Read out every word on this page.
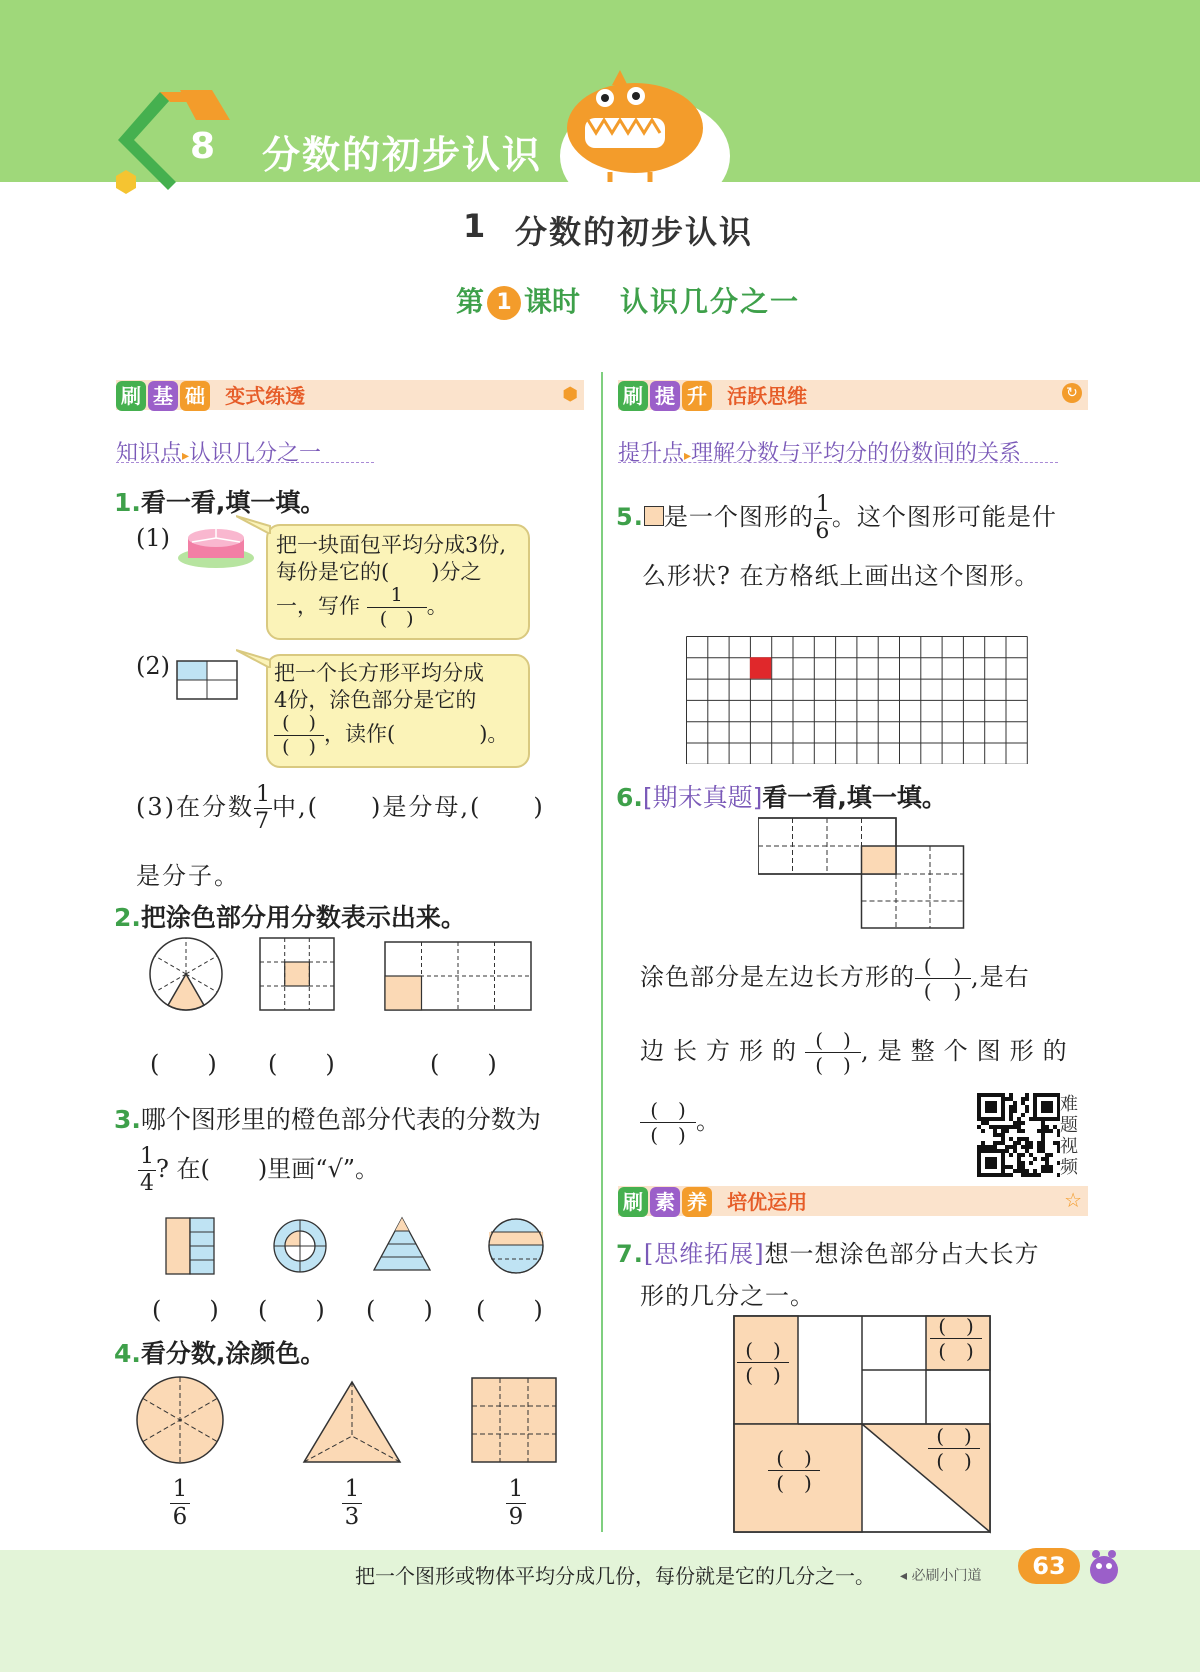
8 分数的初步认识
1 分数的初步认识
第 1 课时 认识几分之一
刷 基 础 变式练透	⬢
知识点▸认识几分之一
1.看一看,填一填。
(1)	把一块面包平均分成3份,
每份是它的(　　)分之
一，写作 $\frac{1}{( )}$ 。
(2)	把一个长方形平均分成
4份，涂色部分是它的
$\frac{( )}{( )}$ ，读作(　　　　)。
(3)在分数 $\frac{1}{7}$ 中,(　　)是分母,(　　)
是分子。
2.把涂色部分用分数表示出来。
(　　) (　　)	(　　)
3.哪个图形里的橙色部分代表的分数为
$\frac{1}{4}$ ? 在(　　)里画“√”。
(　　) (　　) (　　) (　　)
4.看分数,涂颜色。
$\frac{1}{6}$	$\frac{1}{3}$	$\frac{1}{9}$
刷 提 升 活跃思维	↻
提升点▸理解分数与平均分的份数间的关系
5. 是一个图形的 $\frac{1}{6}$ 。这个图形可能是什
么形状? 在方格纸上画出这个图形。
6.[期末真题]看一看,填一填。
涂色部分是左边长方形的 $\frac{( )}{( )}$ ,是右
边长方形的 $\frac{( )}{( )}$ ,是整个图形的
$\frac{( )}{( )}$ 。
难题视频
刷 素 养 培优运用	☆
7.[思维拓展]想一想涂色部分占大长方
形的几分之一。
$\frac{( )}{( )}$
$\frac{( )}{( )}$
$\frac{( )}{( )}$	$\frac{( )}{( )}$
把一个图形或物体平均分成几份，每份就是它的几分之一。 ◂ 必刷小门道	63
